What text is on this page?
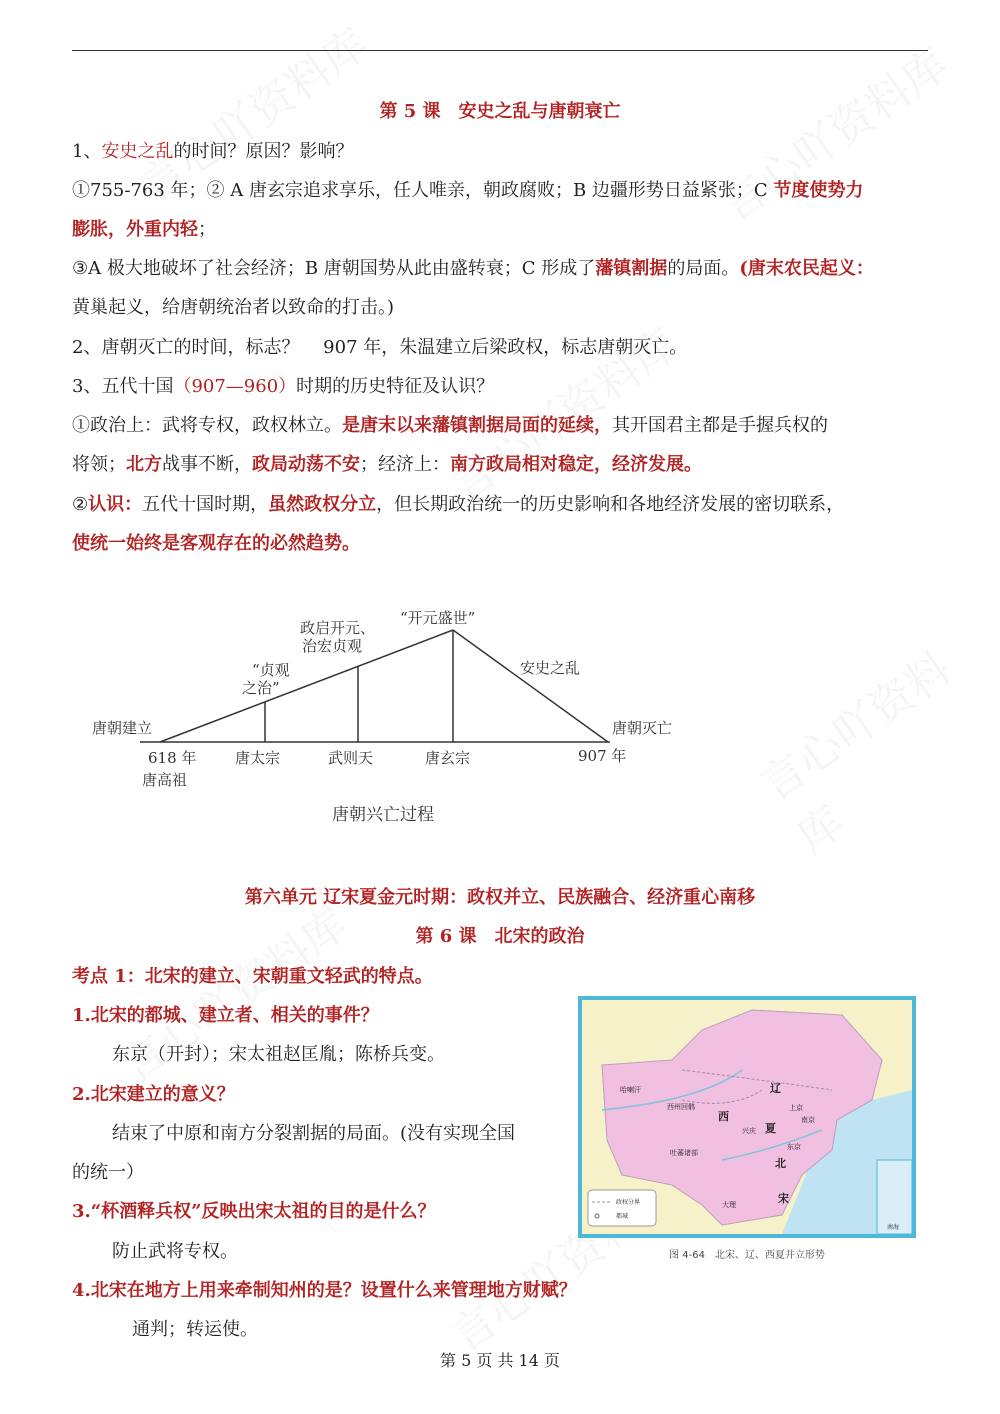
第 5 课　安史之乱与唐朝衰亡
1、安史之乱的时间？原因？影响？
①755-763 年；② A 唐玄宗追求享乐，任人唯亲，朝政腐败；B 边疆形势日益紧张；C 节度使势力
膨胀，外重内轻；
③A 极大地破坏了社会经济；B 唐朝国势从此由盛转衰；C 形成了藩镇割据的局面。(唐末农民起义：
黄巢起义，给唐朝统治者以致命的打击。)
2、唐朝灭亡的时间，标志？　 907 年，朱温建立后梁政权，标志唐朝灭亡。
3、五代十国（907—960）时期的历史特征及认识？
①政治上：武将专权，政权林立。是唐末以来藩镇割据局面的延续，其开国君主都是手握兵权的
将领；北方战事不断，政局动荡不安；经济上：南方政局相对稳定，经济发展。
②认识：五代十国时期，虽然政权分立，但长期政治统一的历史影响和各地经济发展的密切联系，
使统一始终是客观存在的必然趋势。
唐朝建立	唐朝灭亡
618 年
唐高祖
907 年
唐太宗	武则天	唐玄宗
“贞观
之治”
政启开元、
治宏贞观
“开元盛世”
安史之乱
唐朝兴亡过程
第六单元 辽宋夏金元时期：政权并立、民族融合、经济重心南移
第 6 课　北宋的政治
考点 1：北宋的建立、宋朝重文轻武的特点。
1.北宋的都城、建立者、相关的事件？
东京（开封）；宋太祖赵匡胤；陈桥兵变。
2.北宋建立的意义？
结束了中原和南方分裂割据的局面。(没有实现全国
的统一）
3.“杯酒释兵权”反映出宋太祖的目的是什么？
防止武将专权。
4.北宋在地方上用来牵制知州的是？设置什么来管理地方财赋？
通判；转运使。
辽
上京
南京
西
夏
兴庆
东京
北
宋
哈喇汗
西州回鹘
吐蕃诸部
大理
南海
政权分界
都城
图 4-64　北宋、辽、西夏并立形势
第 5 页 共 14 页
